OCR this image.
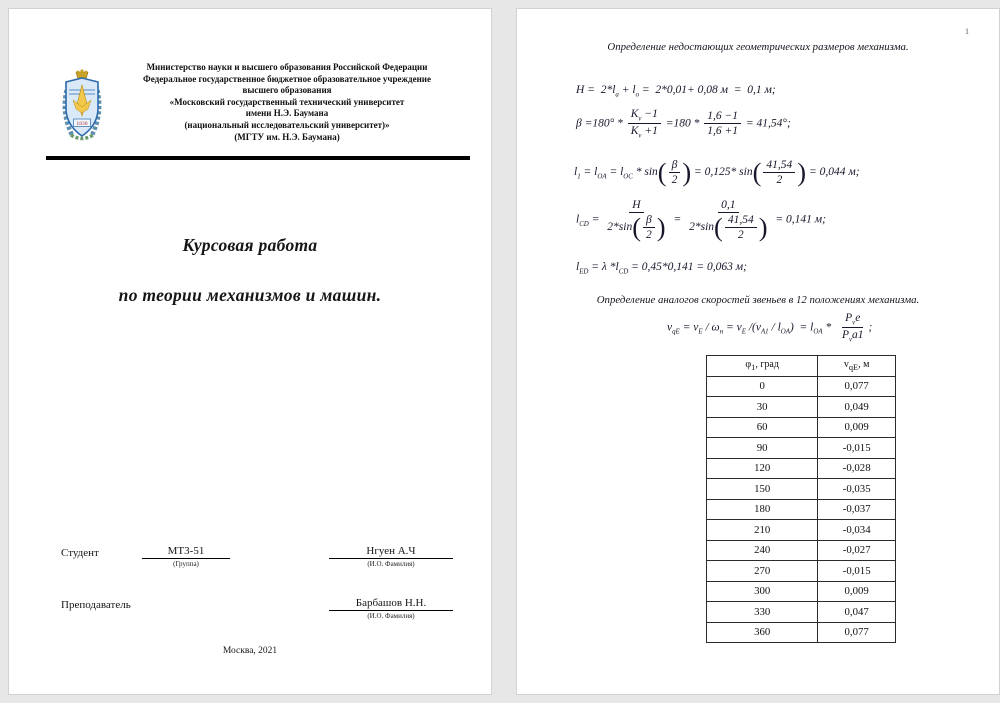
1830
Министерство науки и высшего образования Российской Федерации
Федеральное государственное бюджетное образовательное учреждение
высшего образования
«Московский государственный технический университет
имени Н.Э. Баумана
(национальный исследовательский университет)»
(МГТУ им. Н.Э. Баумана)
Курсовая работа
по теории механизмов и машин.
Студент	МТ3-51
(Группа)
Нгуен А.Ч
(И.О. Фамилия)
Преподаватель	Барбашов Н.Н.
(И.О. Фамилия)
Москва, 2021
1
Определение недостающих геометрических размеров механизма.
$H = 2*l_а + l_о = 2*0,01+ 0,08$ м  =  0,1 м;
$\beta =180^\circ * \frac{K_v -1}{K_v +1} =180 * \frac{1,6 -1}{1,6 +1} = 41,54^\circ$;
$l_1 = l_{OA} = l_{OC} * \sin( \frac{\beta}{2}$ ) = 0,125* $\sin( \frac{41,54}{2}$ ) = 0,044 м;
$l_{CD} = \frac{H}{2*\sin( \frac{\beta}{2} )} = \frac{0,1}{2*\sin( \frac{41,54}{2} )} = 0,141$ м;
$l_{ED} = \lambda$ $*l_{CD} = 0,45*0,141 = 0,063$ м;
Определение аналогов скоростей звеньев в 12 положениях механизма.
$v_{qE} = v_E / \omega_н = v_E$ $/(v_{A1} / l_{OA}) = l_{OA} * \frac{P_ve}{P_va1}$ ;
$\varphi_1$, град	$v_{qE}$, м
0	0,077
30	0,049
60	0,009
90	-0,015
120	-0,028
150	-0,035
180	-0,037
210	-0,034
240	-0,027
270	-0,015
300	0,009
330	0,047
360	0,077
